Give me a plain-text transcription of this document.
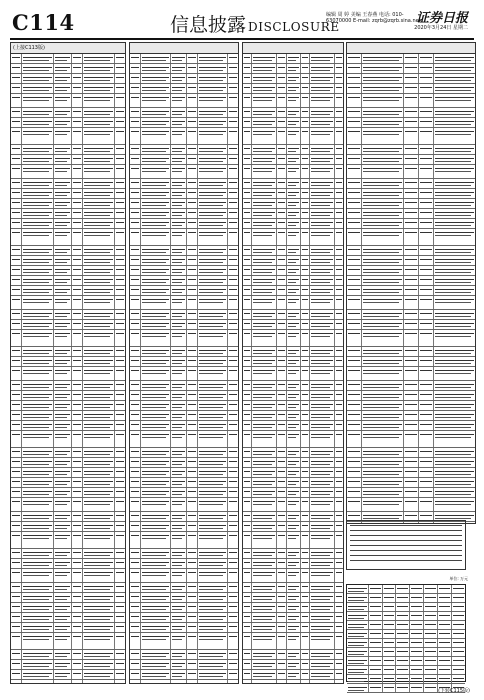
C114	信息披露 DISCLOSURE
编辑 周 婷 美编 王春燕 电话: 010-63070000 E-mail: zqrb@zqrb.sina.net
证券日报
2020年3月24日 星期二
(上接C113版)
单位: 万元
(下转C115版)
